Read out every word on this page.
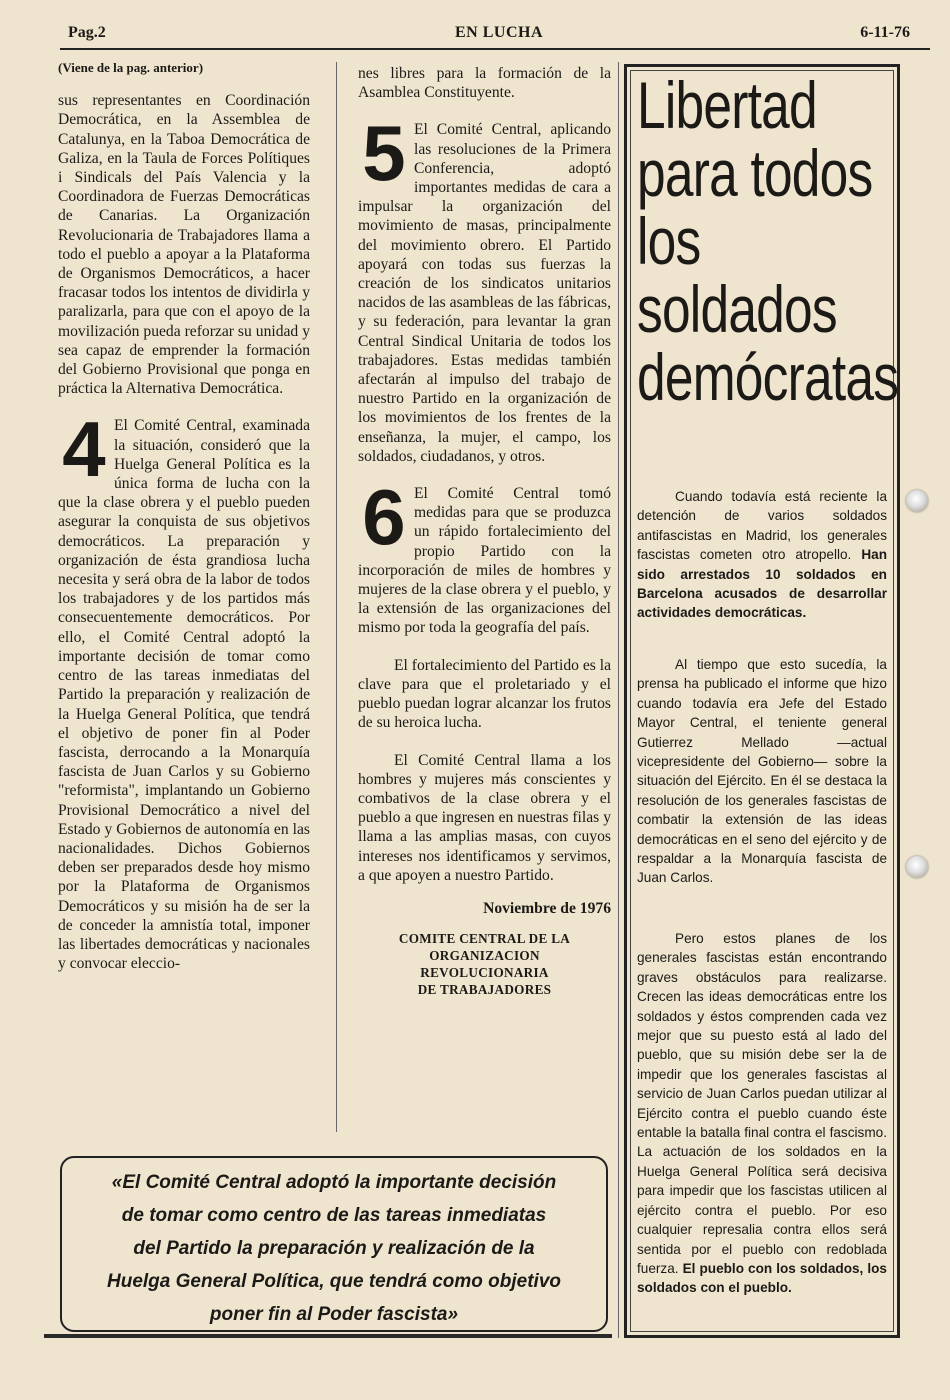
Pag.2	EN LUCHA	6-11-76

(Viene de la pag. anterior)

sus representantes en Coordinación Democrática, en la Assemblea de Catalunya, en la Taboa Democrática de Galiza, en la Taula de Forces Polítiques i Sindicals del País Valencia y la Coordinadora de Fuerzas Democráticas de Canarias. La Organización Revolucionaria de Trabajadores llama a todo el pueblo a apoyar a la Plataforma de Organismos Democráticos, a hacer fracasar todos los intentos de dividirla y paralizarla, para que con el apoyo de la movilización pueda reforzar su unidad y sea capaz de emprender la formación del Gobierno Provisional que ponga en práctica la Alternativa Democrática.

4 El Comité Central, examinada la situación, consideró que la Huelga General Política es la única forma de lucha con la que la clase obrera y el pueblo pueden asegurar la conquista de sus objetivos democráticos. La preparación y organización de ésta grandiosa lucha necesita y será obra de la labor de todos los trabajadores y de los partidos más consecuentemente democráticos. Por ello, el Comité Central adoptó la importante decisión de tomar como centro de las tareas inmediatas del Partido la preparación y realización de la Huelga General Política, que tendrá el objetivo de poner fin al Poder fascista, derrocando a la Monarquía fascista de Juan Carlos y su Gobierno "reformista", implantando un Gobierno Provisional Democrático a nivel del Estado y Gobiernos de autonomía en las nacionalidades. Dichos Gobiernos deben ser preparados desde hoy mismo por la Plataforma de Organismos Democráticos y su misión ha de ser la de conceder la amnistía total, imponer las libertades democráticas y nacionales y convocar eleccio-

nes libres para la formación de la Asamblea Constituyente.

5 El Comité Central, aplicando las resoluciones de la Primera Conferencia, adoptó importantes medidas de cara a impulsar la organización del movimiento de masas, principalmente del movimiento obrero. El Partido apoyará con todas sus fuerzas la creación de los sindicatos unitarios nacidos de las asambleas de las fábricas, y su federación, para levantar la gran Central Sindical Unitaria de todos los trabajadores. Estas medidas también afectarán al impulso del trabajo de nuestro Partido en la organización de los movimientos de los frentes de la enseñanza, la mujer, el campo, los soldados, ciudadanos, y otros.

6 El Comité Central tomó medidas para que se produzca un rápido fortalecimiento del propio Partido con la incorporación de miles de hombres y mujeres de la clase obrera y el pueblo, y la extensión de las organizaciones del mismo por toda la geografía del país.

El fortalecimiento del Partido es la clave para que el proletariado y el pueblo puedan lograr alcanzar los frutos de su heroica lucha.

El Comité Central llama a los hombres y mujeres más conscientes y combativos de la clase obrera y el pueblo a que ingresen en nuestras filas y llama a las amplias masas, con cuyos intereses nos identificamos y servimos, a que apoyen a nuestro Partido.

Noviembre de 1976

COMITE CENTRAL DE LA
ORGANIZACION
REVOLUCIONARIA
DE TRABAJADORES
Libertad
para todos
los
soldados
demócratas

Cuando todavía está reciente la detención de varios soldados antifascistas en Madrid, los generales fascistas cometen otro atropello. Han sido arrestados 10 soldados en Barcelona acusados de desarrollar actividades democráticas.

Al tiempo que esto sucedía, la prensa ha publicado el informe que hizo cuando todavía era Jefe del Estado Mayor Central, el teniente general Gutierrez Mellado —actual vicepresidente del Gobierno— sobre la situación del Ejército. En él se destaca la resolución de los generales fascistas de combatir la extensión de las ideas democráticas en el seno del ejército y de respaldar a la Monarquía fascista de Juan Carlos.

Pero estos planes de los generales fascistas están encontrando graves obstáculos para realizarse. Crecen las ideas democráticas entre los soldados y éstos comprenden cada vez mejor que su puesto está al lado del pueblo, que su misión debe ser la de impedir que los generales fascistas al servicio de Juan Carlos puedan utilizar al Ejército contra el pueblo cuando éste entable la batalla final contra el fascismo. La actuación de los soldados en la Huelga General Política será decisiva para impedir que los fascistas utilicen al ejército contra el pueblo. Por eso cualquier represalia contra ellos será sentida por el pueblo con redoblada fuerza. El pueblo con los soldados, los soldados con el pueblo.

«El Comité Central adoptó la importante decisión
de tomar como centro de las tareas inmediatas
del Partido la preparación y realización de la
Huelga General Política, que tendrá como objetivo
poner fin al Poder fascista»
